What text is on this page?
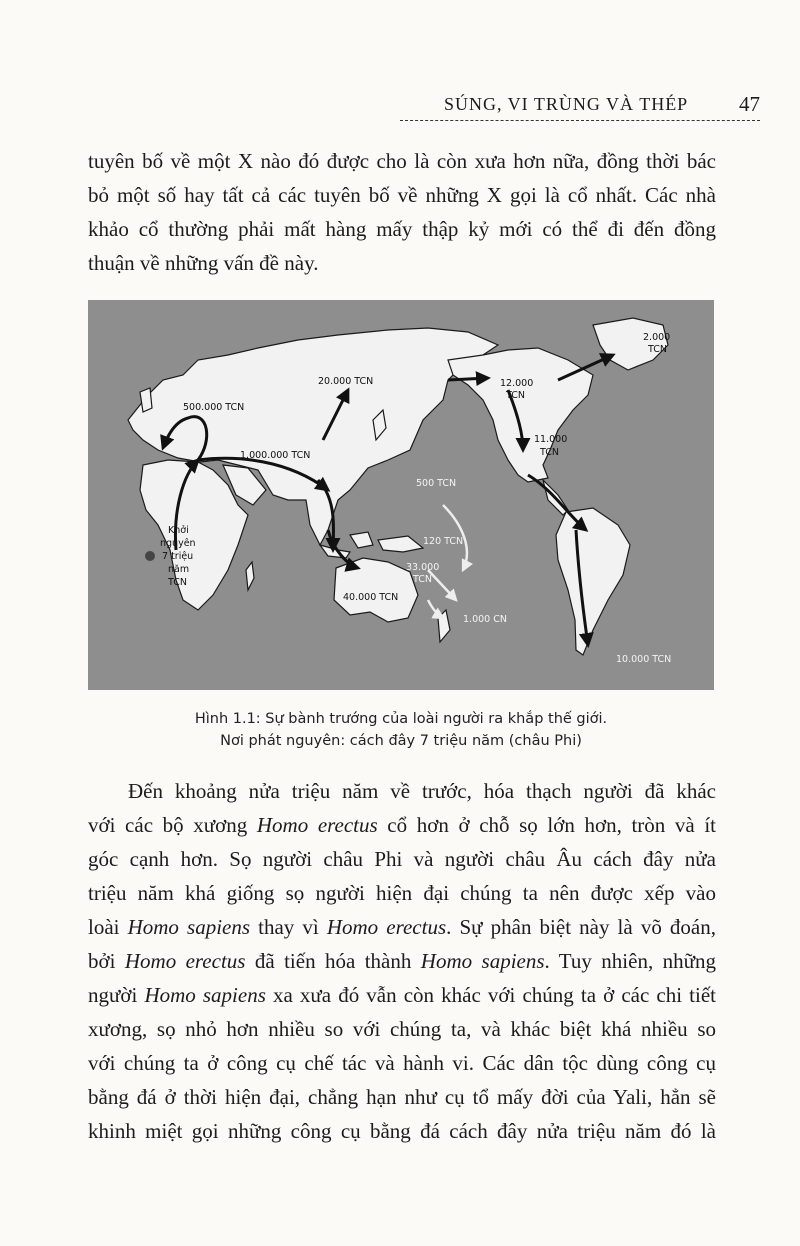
SÚNG, VI TRÙNG VÀ THÉP 47
tuyên bố về một X nào đó được cho là còn xưa hơn nữa, đồng thời bác
bỏ một số hay tất cả các tuyên bố về những X gọi là cổ nhất. Các nhà
khảo cổ thường phải mất hàng mấy thập kỷ mới có thể đi đến đồng
thuận về những vấn đề này.
500.000 TCN
1.000.000 TCN
20.000 TCN	12.000
TCN
2.000
TCN
11.000
TCN
500 TCN
120 TCN
33.000
TCN
40.000 TCN
1.000 CN
10.000 TCN
Khởi
nguyên
7 triệu
năm
TCN
Hình 1.1: Sự bành trướng của loài người ra khắp thế giới.
Nơi phát nguyên: cách đây 7 triệu năm (châu Phi)
Đến khoảng nửa triệu năm về trước, hóa thạch người đã khác
với các bộ xương Homo erectus cổ hơn ở chỗ sọ lớn hơn, tròn và ít
góc cạnh hơn. Sọ người châu Phi và người châu Âu cách đây nửa
triệu năm khá giống sọ người hiện đại chúng ta nên được xếp vào
loài Homo sapiens thay vì Homo erectus. Sự phân biệt này là võ đoán,
bởi Homo erectus đã tiến hóa thành Homo sapiens. Tuy nhiên, những
người Homo sapiens xa xưa đó vẫn còn khác với chúng ta ở các chi tiết
xương, sọ nhỏ hơn nhiều so với chúng ta, và khác biệt khá nhiều so
với chúng ta ở công cụ chế tác và hành vi. Các dân tộc dùng công cụ
bằng đá ở thời hiện đại, chẳng hạn như cụ tổ mấy đời của Yali, hẳn sẽ
khinh miệt gọi những công cụ bằng đá cách đây nửa triệu năm đó là
